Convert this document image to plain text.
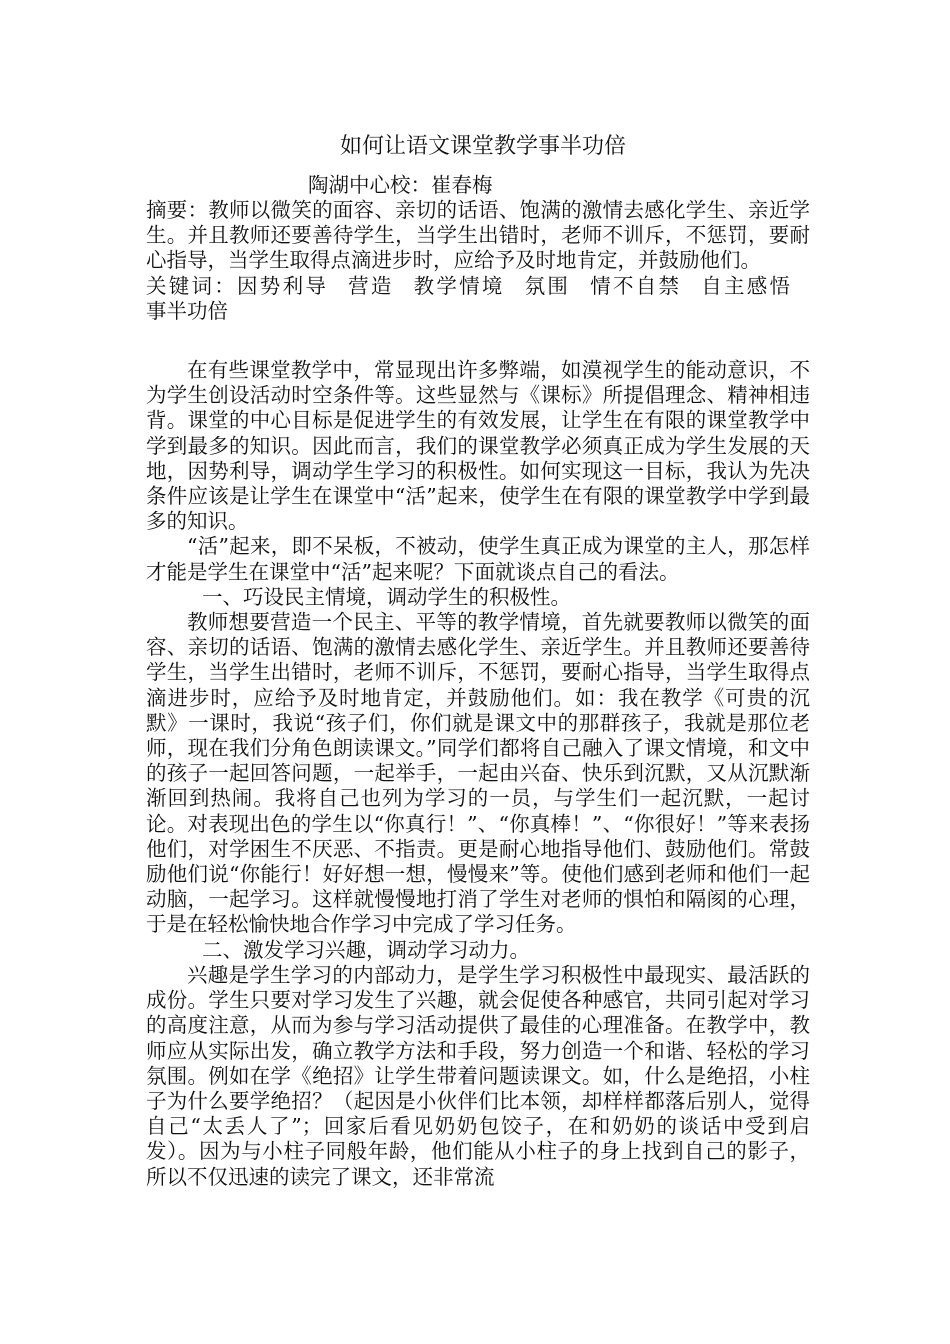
如何让语文课堂教学事半功倍
陶湖中心校：崔春梅
摘要：教师以微笑的面容、亲切的话语、饱满的激情去感化学生、亲近学生。并且教师还要善待学生，当学生出错时，老师不训斥，不惩罚，要耐心指导，当学生取得点滴进步时，应给予及时地肯定，并鼓励他们。
关键词：因势利导 营造 教学情境 氛围 情不自禁 自主感悟 事半功倍

在有些课堂教学中，常显现出许多弊端，如漠视学生的能动意识，不为学生创设活动时空条件等。这些显然与《课标》所提倡理念、精神相违背。课堂的中心目标是促进学生的有效发展，让学生在有限的课堂教学中学到最多的知识。因此而言，我们的课堂教学必须真正成为学生发展的天地，因势利导，调动学生学习的积极性。如何实现这一目标，我认为先决条件应该是让学生在课堂中“活”起来，使学生在有限的课堂教学中学到最多的知识。

“活”起来，即不呆板，不被动，使学生真正成为课堂的主人，那怎样才能是学生在课堂中“活”起来呢？下面就谈点自己的看法。

一、巧设民主情境，调动学生的积极性。

教师想要营造一个民主、平等的教学情境，首先就要教师以微笑的面容、亲切的话语、饱满的激情去感化学生、亲近学生。并且教师还要善待学生，当学生出错时，老师不训斥，不惩罚，要耐心指导，当学生取得点滴进步时，应给予及时地肯定，并鼓励他们。如：我在教学《可贵的沉默》一课时，我说“孩子们，你们就是课文中的那群孩子，我就是那位老师，现在我们分角色朗读课文。”同学们都将自己融入了课文情境，和文中的孩子一起回答问题，一起举手，一起由兴奋、快乐到沉默，又从沉默渐渐回到热闹。我将自己也列为学习的一员，与学生们一起沉默，一起讨论。对表现出色的学生以“你真行！”、“你真棒！”、“你很好！”等来表扬他们，对学困生不厌恶、不指责。更是耐心地指导他们、鼓励他们。常鼓励他们说“你能行！好好想一想，慢慢来”等。使他们感到老师和他们一起动脑，一起学习。这样就慢慢地打消了学生对老师的惧怕和隔阂的心理，于是在轻松愉快地合作学习中完成了学习任务。

二、激发学习兴趣，调动学习动力。

兴趣是学生学习的内部动力，是学生学习积极性中最现实、最活跃的成份。学生只要对学习发生了兴趣，就会促使各种感官，共同引起对学习的高度注意，从而为参与学习活动提供了最佳的心理准备。在教学中，教师应从实际出发，确立教学方法和手段，努力创造一个和谐、轻松的学习氛围。例如在学《绝招》让学生带着问题读课文。如，什么是绝招，小柱子为什么要学绝招？（起因是小伙伴们比本领，却样样都落后别人，觉得自己“太丢人了”；回家后看见奶奶包饺子，在和奶奶的谈话中受到启发）。因为与小柱子同般年龄，他们能从小柱子的身上找到自己的影子，所以不仅迅速的读完了课文，还非常流
